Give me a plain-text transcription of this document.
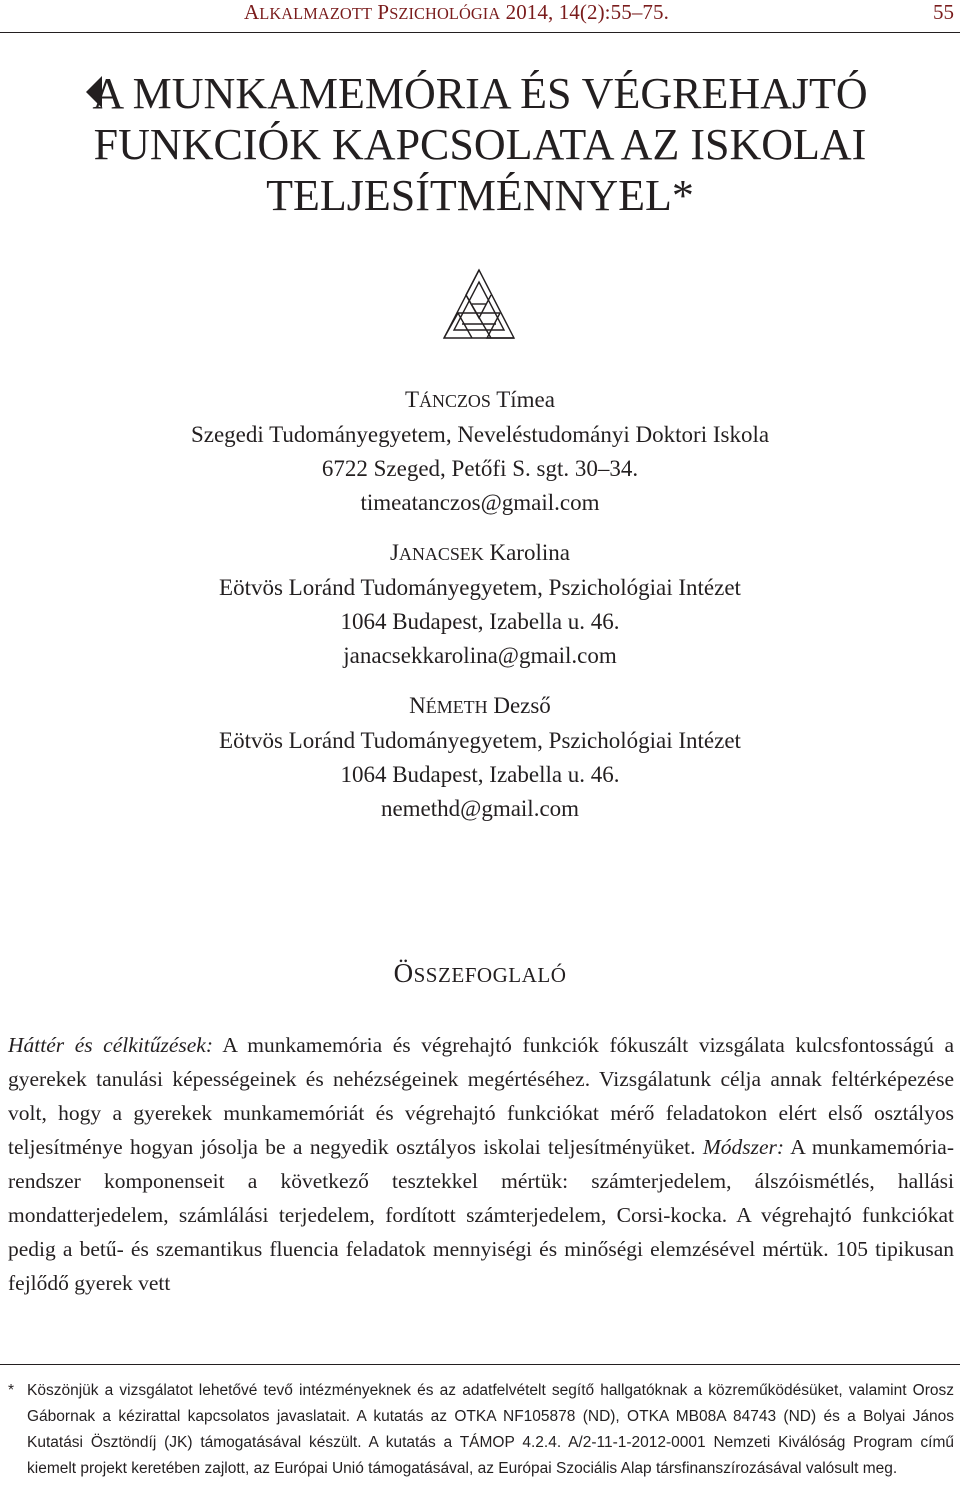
ALKALMAZOTT PSZICHOLÓGIA 2014, 14(2):55–75.	55
A MUNKAMEMÓRIA ÉS VÉGREHAJTÓ
FUNKCIÓK KAPCSOLATA AZ ISKOLAI
TELJESÍTMÉNNYEL*
TÁNCZOS Tímea
Szegedi Tudományegyetem, Neveléstudományi Doktori Iskola
6722 Szeged, Petőfi S. sgt. 30–34.
timeatanczos@gmail.com
JANACSEK Karolina
Eötvös Loránd Tudományegyetem, Pszichológiai Intézet
1064 Budapest, Izabella u. 46.
janacsekkarolina@gmail.com
NÉMETH Dezső
Eötvös Loránd Tudományegyetem, Pszichológiai Intézet
1064 Budapest, Izabella u. 46.
nemethd@gmail.com
ÖSSZEFOGLALÓ
Háttér és célkitűzések: A munkamemória és végrehajtó funkciók fókuszált vizsgálata kulcsfontosságú a gyerekek tanulási képességeinek és nehézségeinek megértéséhez. Vizsgálatunk célja annak feltérképezése volt, hogy a gyerekek munkamemóriát és végrehajtó funkciókat mérő feladatokon elért első osztályos teljesítménye hogyan jósolja be a negyedik osztályos iskolai teljesítményüket. Módszer: A munkamemória-rendszer komponenseit a következő tesztekkel mértük: számterjedelem, álszóismétlés, hallási mondatterjedelem, számlálási terjedelem, fordított számterjedelem, Corsi-kocka. A végrehajtó funkciókat pedig a betű- és szemantikus fluencia feladatok mennyiségi és minőségi elemzésével mértük. 105 tipikusan fejlődő gyerek vett
* Köszönjük a vizsgálatot lehetővé tevő intézményeknek és az adatfelvételt segítő hallgatóknak a közreműködésüket, valamint Orosz Gábornak a kézirattal kapcsolatos javaslatait. A kutatás az OTKA NF105878 (ND), OTKA MB08A 84743 (ND) és a Bolyai János Kutatási Ösztöndíj (JK) támogatásával készült. A kutatás a TÁMOP 4.2.4. A/2-11-1-2012-0001 Nemzeti Kiválóság Program című kiemelt projekt keretében zajlott, az Európai Unió támogatásával, az Európai Szociális Alap társfinanszírozásával valósult meg.
